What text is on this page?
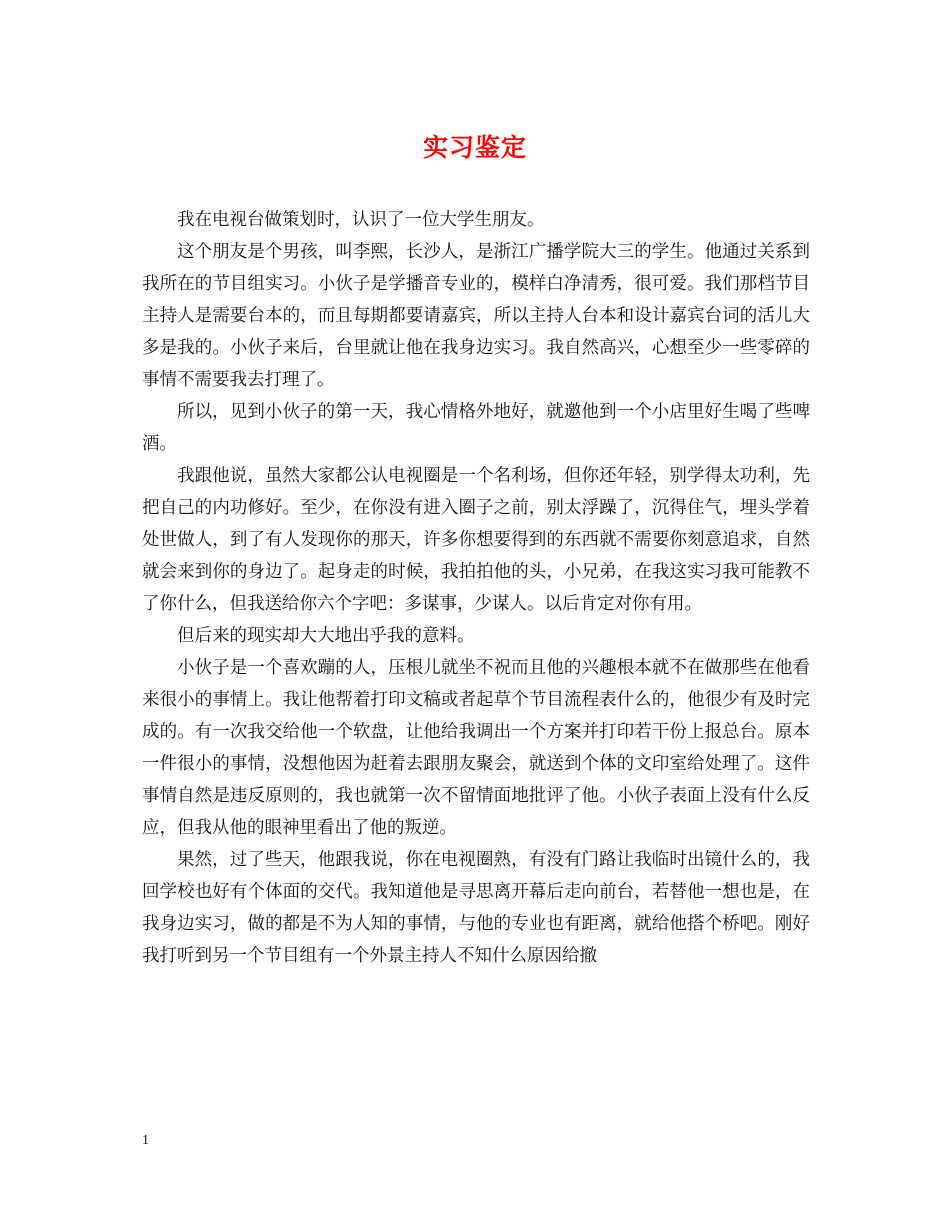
实习鉴定

我在电视台做策划时，认识了一位大学生朋友。

这个朋友是个男孩，叫李熙，长沙人，是浙江广播学院大三的学生。他通过关系到我所在的节目组实习。小伙子是学播音专业的，模样白净清秀，很可爱。我们那档节目主持人是需要台本的，而且每期都要请嘉宾，所以主持人台本和设计嘉宾台词的活儿大多是我的。小伙子来后，台里就让他在我身边实习。我自然高兴，心想至少一些零碎的事情不需要我去打理了。

所以，见到小伙子的第一天，我心情格外地好，就邀他到一个小店里好生喝了些啤酒。

我跟他说，虽然大家都公认电视圈是一个名利场，但你还年轻，别学得太功利，先把自己的内功修好。至少，在你没有进入圈子之前，别太浮躁了，沉得住气，埋头学着处世做人，到了有人发现你的那天，许多你想要得到的东西就不需要你刻意追求，自然就会来到你的身边了。起身走的时候，我拍拍他的头，小兄弟，在我这实习我可能教不了你什么，但我送给你六个字吧：多谋事，少谋人。以后肯定对你有用。

但后来的现实却大大地出乎我的意料。

小伙子是一个喜欢蹦的人，压根儿就坐不祝而且他的兴趣根本就不在做那些在他看来很小的事情上。我让他帮着打印文稿或者起草个节目流程表什么的，他很少有及时完成的。有一次我交给他一个软盘，让他给我调出一个方案并打印若干份上报总台。原本一件很小的事情，没想他因为赶着去跟朋友聚会，就送到个体的文印室给处理了。这件事情自然是违反原则的，我也就第一次不留情面地批评了他。小伙子表面上没有什么反应，但我从他的眼神里看出了他的叛逆。

果然，过了些天，他跟我说，你在电视圈熟，有没有门路让我临时出镜什么的，我回学校也好有个体面的交代。我知道他是寻思离开幕后走向前台，若替他一想也是，在我身边实习，做的都是不为人知的事情，与他的专业也有距离，就给他搭个桥吧。刚好我打听到另一个节目组有一个外景主持人不知什么原因给撤

1
